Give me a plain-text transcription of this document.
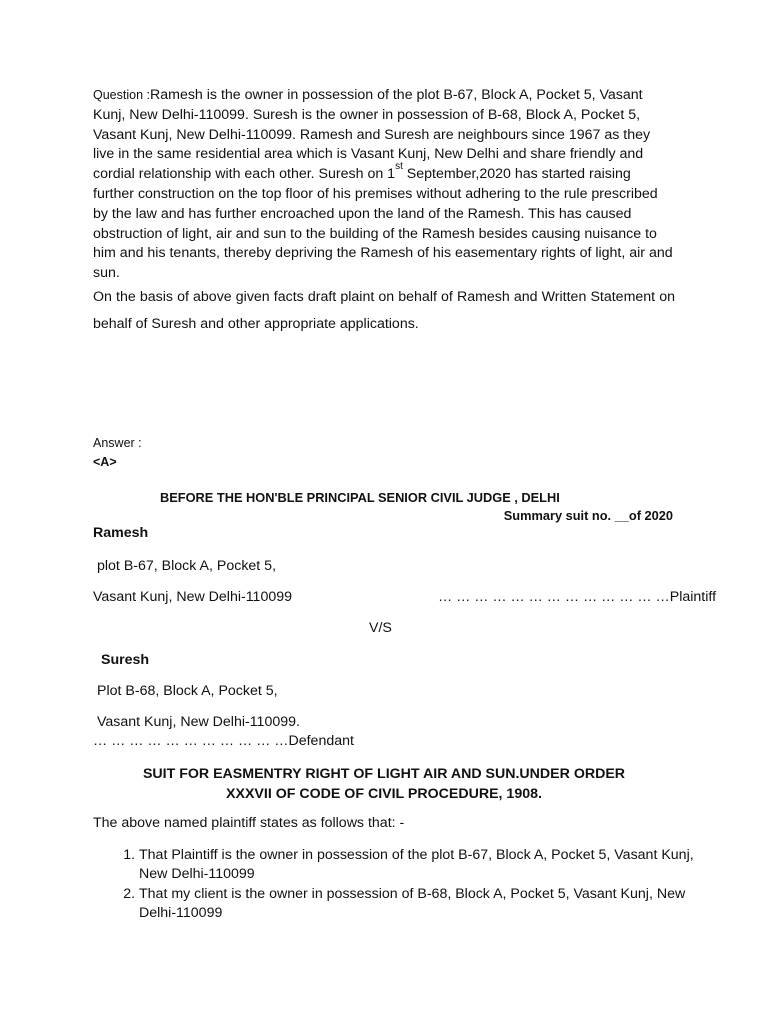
Question :Ramesh is the owner in possession of the plot B-67, Block A, Pocket 5, Vasant Kunj, New Delhi-110099. Suresh is the owner in possession of B-68, Block A, Pocket 5, Vasant Kunj, New Delhi-110099. Ramesh and Suresh are neighbours since 1967 as they live in the same residential area which is Vasant Kunj, New Delhi and share friendly and cordial relationship with each other. Suresh on 1st September,2020 has started raising further construction on the top floor of his premises without adhering to the rule prescribed by the law and has further encroached upon the land of the Ramesh. This has caused obstruction of light, air and sun to the building of the Ramesh besides causing nuisance to him and his tenants, thereby depriving the Ramesh of his easementary rights of light, air and sun.

On the basis of above given facts draft plaint on behalf of Ramesh and Written Statement on behalf of Suresh and other appropriate applications.

Answer :
<A>
BEFORE THE HON'BLE PRINCIPAL SENIOR CIVIL JUDGE , DELHI
Summary suit no. __of 2020
Ramesh
plot B-67, Block A, Pocket 5,
Vasant Kunj, New Delhi-110099	… … … … … … … … … … … … …Plaintiff
V/S
Suresh
Plot B-68, Block A, Pocket 5,
Vasant Kunj, New Delhi-110099.
… … … … … … … … … … …Defendant
SUIT FOR EASMENTRY RIGHT OF LIGHT AIR AND SUN.UNDER ORDER
XXXVII OF CODE OF CIVIL PROCEDURE, 1908.
The above named plaintiff states as follows that: -
1. That Plaintiff is the owner in possession of the plot B-67, Block A, Pocket 5, Vasant Kunj, New Delhi-110099
2. That my client is the owner in possession of B-68, Block A, Pocket 5, Vasant Kunj, New Delhi-110099
